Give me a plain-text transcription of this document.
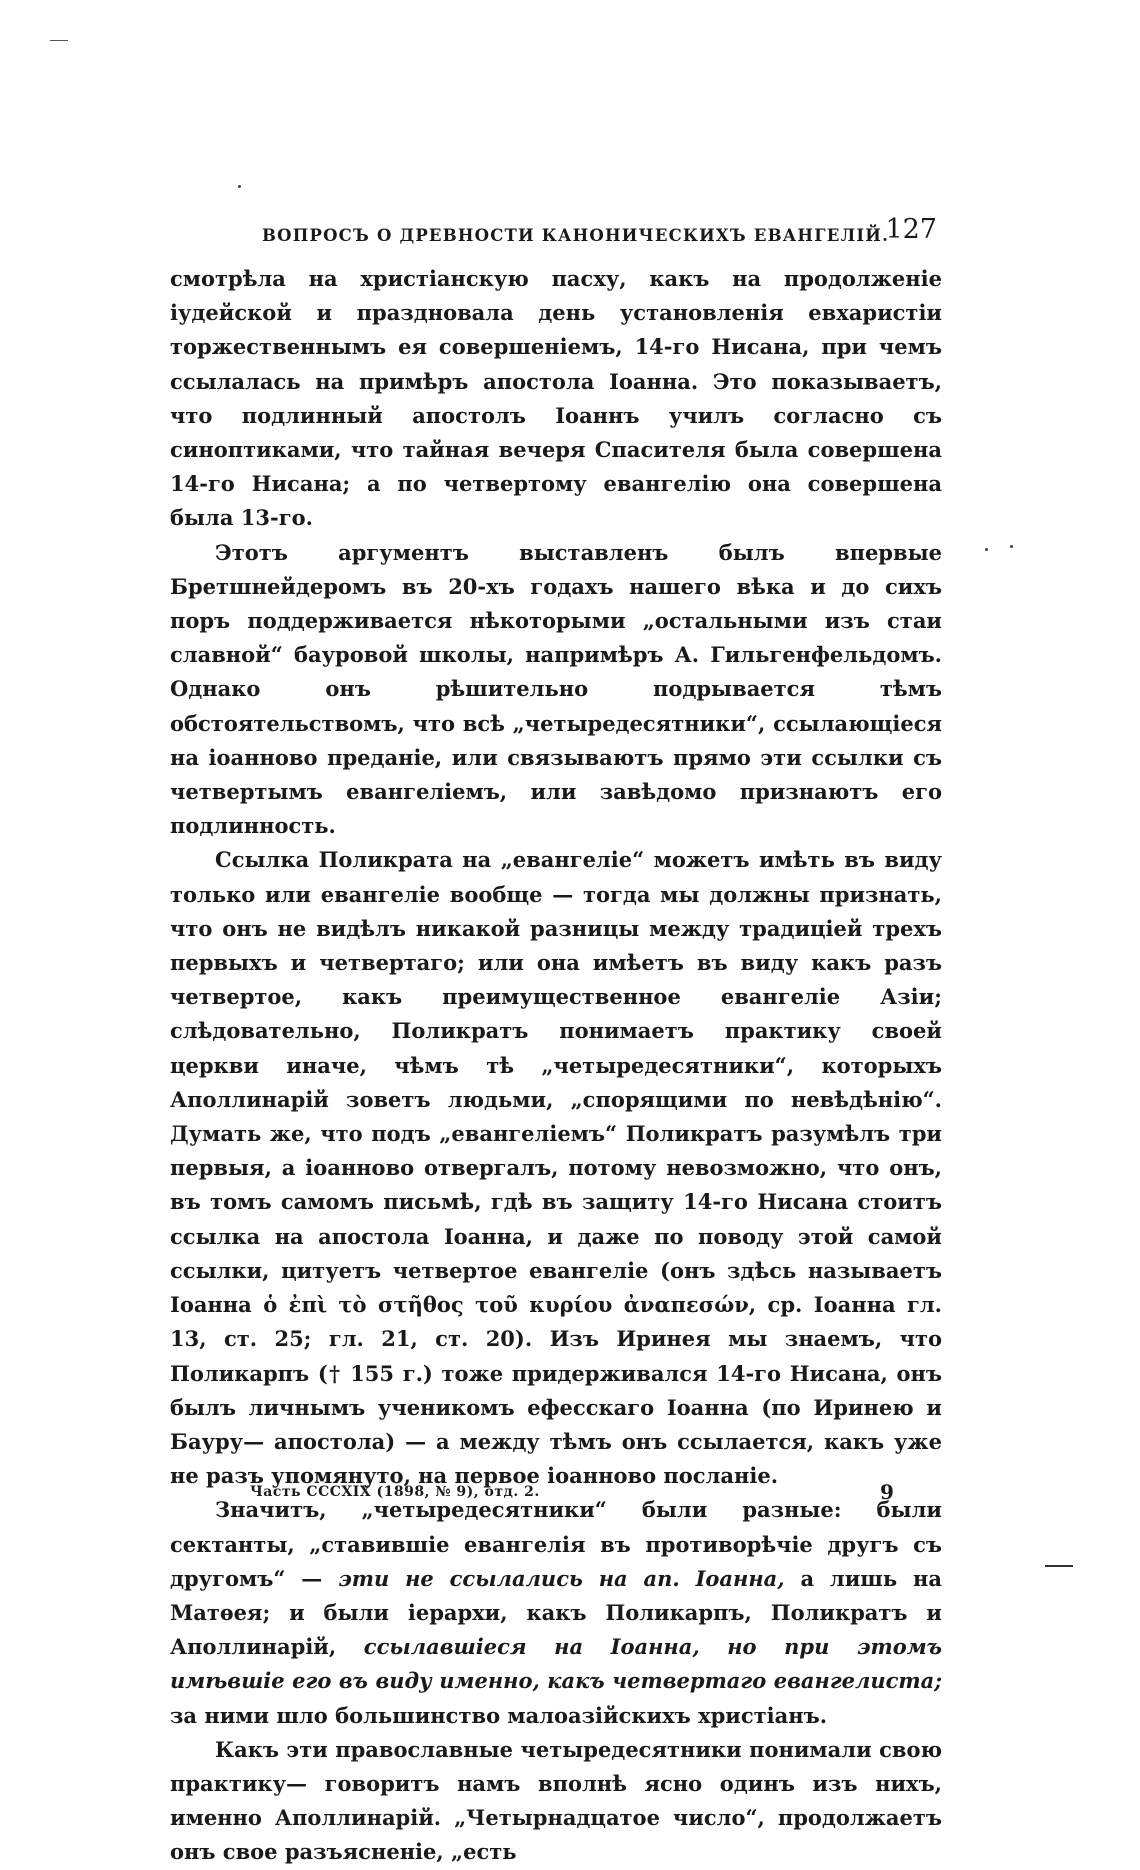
ВОПРОСЪ О ДРЕВНОСТИ КАНОНИЧЕСКИХЪ ЕВАНГЕЛІЙ.
127

смотрѣла на христіанскую пасху, какъ на продолженіе іудейской и праздновала день установленія евхаристіи торжественнымъ ея совершеніемъ, 14-го Нисана, при чемъ ссылалась на примѣръ апостола Іоанна. Это показываетъ, что подлинный апостолъ Іоаннъ училъ согласно съ синоптиками, что тайная вечеря Спасителя была совершена 14-го Нисана; а по четвертому евангелію она совершена была 13-го.

Этотъ аргументъ выставленъ былъ впервые Бретшнейдеромъ въ 20-хъ годахъ нашего вѣка и до сихъ поръ поддерживается нѣкоторыми „остальными изъ стаи славной“ бауровой школы, напримѣръ А. Гильгенфельдомъ. Однако онъ рѣшительно подрывается тѣмъ обстоятельствомъ, что всѣ „четыредесятники“, ссылающіеся на іоанново преданіе, или связываютъ прямо эти ссылки съ четвертымъ евангеліемъ, или завѣдомо признаютъ его подлинность.

Ссылка Поликрата на „евангеліе“ можетъ имѣть въ виду только или евангеліе вообще — тогда мы должны признать, что онъ не видѣлъ никакой разницы между традиціей трехъ первыхъ и четвертаго; или она имѣетъ въ виду какъ разъ четвертое, какъ преимущественное евангеліе Азіи; слѣдовательно, Поликратъ понимаетъ практику своей церкви иначе, чѣмъ тѣ „четыредесятники“, которыхъ Аполлинарій зоветъ людьми, „спорящими по невѣдѣнію“. Думать же, что подъ „евангеліемъ“ Поликратъ разумѣлъ три первыя, а іоанново отвергалъ, потому невозможно, что онъ, въ томъ самомъ письмѣ, гдѣ въ защиту 14-го Нисана стоитъ ссылка на апостола Іоанна, и даже по поводу этой самой ссылки, цитуетъ четвертое евангеліе (онъ здѣсь называетъ Іоанна ὁ ἐπὶ τὸ στῆθος τοῦ κυρίου ἀναπεσών, ср. Іоанна гл. 13, ст. 25; гл. 21, ст. 20). Изъ Иринея мы знаемъ, что Поликарпъ († 155 г.) тоже придерживался 14-го Нисана, онъ былъ личнымъ ученикомъ ефесскаго Іоанна (по Иринею и Бауру— апостола) — а между тѣмъ онъ ссылается, какъ уже не разъ упомянуто, на первое іоанново посланіе.

Значитъ, „четыредесятники“ были разные: были сектанты, „ставившіе евангелія въ противорѣчіе другъ съ другомъ“ — эти не ссылались на ап. Іоанна, а лишь на Матѳея; и были іерархи, какъ Поликарпъ, Поликратъ и Аполлинарій, ссылавшіеся на Іоанна, но при этомъ имѣвшіе его въ виду именно, какъ четвертаго евангелиста; за ними шло большинство малоазійскихъ христіанъ.

Какъ эти православные четыредесятники понимали свою практику— говоритъ намъ вполнѣ ясно одинъ изъ нихъ, именно Аполлинарій. „Четырнадцатое число“, продолжаетъ онъ свое разъясненіе, „есть

Часть CCCXIX (1898, № 9), отд. 2.	9
